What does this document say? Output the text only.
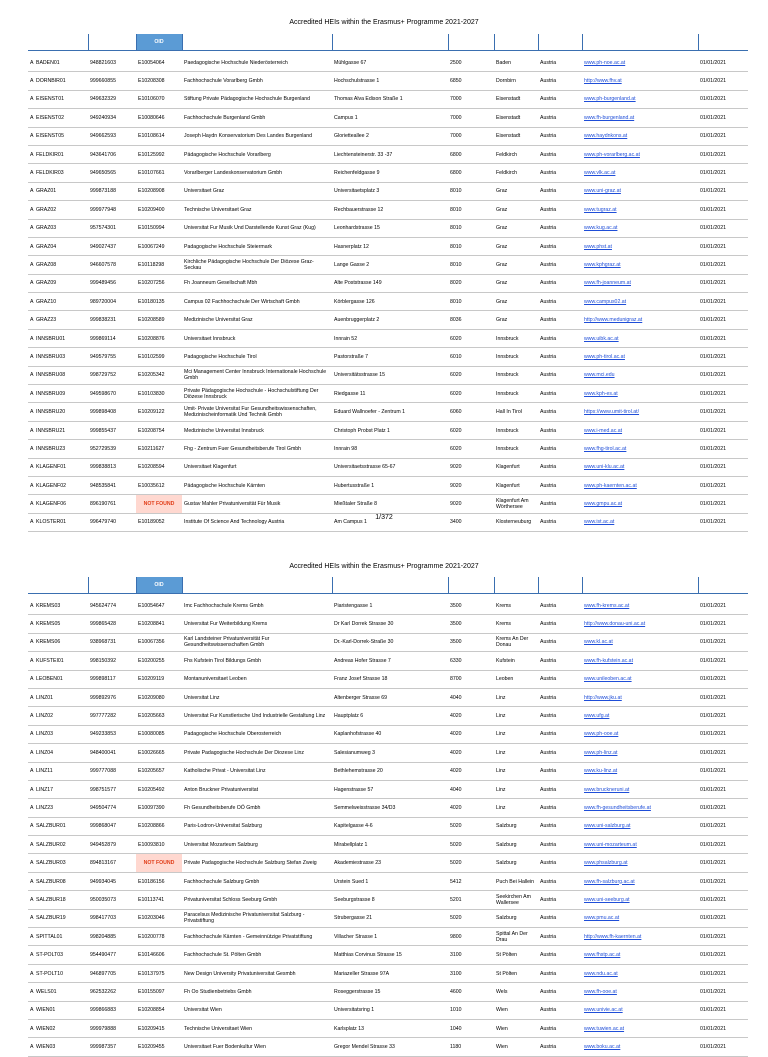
Accredited HEIs within the Erasmus+ Programme 2021-2027
			OID							

A	BADEN01	948821603	E10054064	Paedagogische Hochschule Niederösterreich	Mühlgasse 67	2500	Baden	Austria	www.ph-noe.ac.at	01/01/2021
A	DORNBIR01	999660855	E10208308	Fachhochschule Vorarlberg Gmbh	Hochschulstrasse 1	6850	Dornbirn	Austria	http://www.fhv.at	01/01/2021
A	EISENST01	949632329	E10106070	Stiftung Private Pädagogische Hochschule Burgenland	Thomas Alva Edison Straße 1	7000	Eisenstadt	Austria	www.ph-burgenland.at	01/01/2021
A	EISENST02	949240934	E10080646	Fachhochschule Burgenland Gmbh	Campus 1	7000	Eisenstadt	Austria	www.fh-burgenland.at	01/01/2021
A	EISENST05	949662593	E10108614	Joseph Haydn Konservatorium Des Landes Burgenland	Glorietteallee 2	7000	Eisenstadt	Austria	www.haydnkons.at	01/01/2021
A	FELDKIR01	943641706	E10125992	Pädagogische Hochschule Vorarlberg	Liechtensteinerstr. 33 -37	6800	Feldkirch	Austria	www.ph-vorarlberg.ac.at	01/01/2021
A	FELDKIR03	949650565	E10107661	Vorarlberger Landeskonservatorium Gmbh	Reichenfeldgasse 9	6800	Feldkirch	Austria	www.vlk.ac.at	01/01/2021
A	GRAZ01	999873188	E10208908	Universitaet Graz	Universitaetsplatz 3	8010	Graz	Austria	www.uni-graz.at	01/01/2021
A	GRAZ02	999977948	E10209400	Technische Universitaet Graz	Rechbauerstrasse 12	8010	Graz	Austria	www.tugraz.at	01/01/2021
A	GRAZ03	957574301	E10150994	Universitat Fur Musik Und Darstellende Kunst Graz (Kug)	Leonhardstrasse 15	8010	Graz	Austria	www.kug.ac.at	01/01/2021
A	GRAZ04	949027437	E10067249	Padagogische Hochschule Steiermark	Hasnerplatz 12	8010	Graz	Austria	www.phst.at	01/01/2021
A	GRAZ08	946607578	E10118298	Kirchliche Pädagogische Hochschule Der Diözese Graz-Seckau	Lange Gasse 2	8010	Graz	Austria	www.kphgraz.at	01/01/2021
A	GRAZ09	999489456	E10207256	Fh Joanneum Gesellschaft Mbh	Alte Poststrasse 149	8020	Graz	Austria	www.fh-joanneum.at	01/01/2021
A	GRAZ10	989720004	E10180135	Campus 02 Fachhochschule Der Wirtschaft Gmbh	Körblergasse 126	8010	Graz	Austria	www.campus02.at	01/01/2021
A	GRAZ23	999838231	E10208589	Medizinische Universitat Graz	Auenbruggerplatz 2	8036	Graz	Austria	http://www.medunigraz.at	01/01/2021
A	INNSBRU01	999869114	E10208876	Universitaet Innsbruck	Innrain 52	6020	Innsbruck	Austria	www.uibk.ac.at	01/01/2021
A	INNSBRU03	949579755	E10102599	Padagogische Hochschule Tirol	Pastorstraße 7	6010	Innsbruck	Austria	www.ph-tirol.ac.at	01/01/2021
A	INNSBRU08	998729752	E10205342	Mci Management Center Innsbruck Internationale Hochschule Gmbh	Universitätsstrasse 15	6020	Innsbruck	Austria	www.mci.edu	01/01/2021
A	INNSBRU09	949598670	E10103830	Private Pädagogische Hochschule - Hochschulstiftung Der Diözese Innsbruck	Riedgasse 11	6020	Innsbruck	Austria	www.kph-es.at	01/01/2021
A	INNSBRU20	999898408	E10209122	Umit- Private Universitat Fur Gesundheitswissenschaften, Medizinischeinformatik Und Technik Gmbh	Eduard Wallnoefer - Zentrum 1	6060	Hall In Tirol	Austria	https://www.umit-tirol.at/	01/01/2021
A	INNSBRU21	999855437	E10208754	Medizinische Universitat Innsbruck	Christoph Probst Platz 1	6020	Innsbruck	Austria	www.i-med.ac.at	01/01/2021
A	INNSBRU23	952729539	E10211627	Fhg - Zentrum Fuer Gesundheitsberufe Tirol Gmbh	Innrain 98	6020	Innsbruck	Austria	www.fhg-tirol.ac.at	01/01/2021
A	KLAGENF01	999838813	E10208594	Universitaet Klagenfurt	Universitaetsstrasse 65-67	9020	Klagenfurt	Austria	www.uni-klu.ac.at	01/01/2021
A	KLAGENF02	948535841	E10035612	Pädagogische Hochschule Kärnten	Hubertusstraße 1	9020	Klagenfurt	Austria	www.ph-kaernten.ac.at	01/01/2021
A	KLAGENF06	896190761	NOT FOUND	Gustav Mahler Privatuniversität Für Musik	Mießtaler Straße 8	9020	Klagenfurt Am Wörthersee	Austria	www.gmpu.ac.at	01/01/2021
A	KLOSTER01	996479740	E10189052	Institute Of Science And Technology Austria	Am Campus 1	3400	Klosterneuburg	Austria	www.ist.ac.at	01/01/2021
1/372
Accredited HEIs within the Erasmus+ Programme 2021-2027
			OID							

A	KREMS03	945624774	E10054647	Imc Fachhochschule Krems Gmbh	Piaristengasse 1	3500	Krems	Austria	www.fh-krems.ac.at	01/01/2021
A	KREMS05	999865428	E10208841	Universitat Fur Weiterbildung Krems	Dr Karl Dorrek Strasse 30	3500	Krems	Austria	http://www.donau-uni.ac.at	01/01/2021
A	KREMS06	938968731	E10067356	Karl Landsteiner Privatuniversität Fur Gesundheitswissenschaften Gmbh	Dr.-Karl-Dorrek-Straße 30	3500	Krems An Der Donau	Austria	www.kl.ac.at	01/01/2021
A	KUFSTEI01	998150392	E10200255	Fhs Kufstein Tirol Bildungs Gmbh	Andreas Hofer Strasse 7	6330	Kufstein	Austria	www.fh-kufstein.ac.at	01/01/2021
A	LEOBEN01	999898117	E10209119	Montanuniversitaet Leoben	Franz Josef Strasse 18	8700	Leoben	Austria	www.unileoben.ac.at	01/01/2021
A	LINZ01	999892976	E10209080	Universitat Linz	Altenberger Strasse 69	4040	Linz	Austria	http://www.jku.at	01/01/2021
A	LINZ02	997777282	E10205663	Universitat Fur Kunstlerische Und Industrielle Gestaltung Linz	Hauptplatz 6	4020	Linz	Austria	www.ufg.at	01/01/2021
A	LINZ03	949233853	E10080085	Padagogische Hochschule Oberosterreich	Kaplanhofstrasse 40	4020	Linz	Austria	www.ph-ooe.at	01/01/2021
A	LINZ04	948400041	E10026665	Private Padagogische Hochschule Der Diozese Linz	Salesianumweg 3	4020	Linz	Austria	www.ph-linz.at	01/01/2021
A	LINZ11	999777088	E10205657	Katholische Privat - Universitat Linz	Bethlehemstrasse 20	4020	Linz	Austria	www.ku-linz.at	01/01/2021
A	LINZ17	998751577	E10205492	Anton Bruckner Privatuniversitat	Hagenstrasse 57	4040	Linz	Austria	www.bruckneruni.at	01/01/2021
A	LINZ23	949504774	E10097390	Fh Gesundheitsberufe OÖ Gmbh	Semmelweisstrasse 34/D3	4020	Linz	Austria	www.fh-gesundheitsberufe.at	01/01/2021
A	SALZBUR01	999868047	E10208866	Paris-Lodron-Universitat Salzburg	Kapitelgasse 4-6	5020	Salzburg	Austria	www.uni-salzburg.at	01/01/2021
A	SALZBUR02	949452879	E10093810	Universitat Mozarteum Salzburg	Mirabellplatz 1	5020	Salzburg	Austria	www.uni-mozarteum.at	01/01/2021
A	SALZBUR03	894813167	NOT FOUND	Private Padagogische Hochschule Salzburg Stefan Zweig	Akademiestrasse 23	5020	Salzburg	Austria	www.phsalzburg.at	01/01/2021
A	SALZBUR08	949934045	E10186156	Fachhochschule Salzburg Gmbh	Urstein Sued 1	5412	Puch Bei Hallein	Austria	www.fh-salzburg.ac.at	01/01/2021
A	SALZBUR18	950035073	E10113741	Privatuniversitat Schloss Seeburg Gmbh	Seeburgstrasse 8	5201	Seekirchen Am Wallersee	Austria	www.uni-seeburg.at	01/01/2021
A	SALZBUR19	998417703	E10203046	Paracelsus Medizinische Privatuniversitat Salzburg - Privatstiftung	Strubergasse 21	5020	Salzburg	Austria	www.pmu.ac.at	01/01/2021
A	SPITTAL01	998204885	E10200778	Fachhochschule Kärnten - Gemeinnützige Privatstiftung	Villacher Strasse 1	9800	Spittal An Der Drau	Austria	http://www.fh-kaernten.at	01/01/2021
A	ST-POLT03	954490477	E10146606	Fachhochschule St. Pölten Gmbh	Matthias Corvinus Strasse 15	3100	St Pölten	Austria	www.fhstp.ac.at	01/01/2021
A	ST-POLT10	946897705	E10137975	New Design University Privatuniversitat Gesmbh	Mariazeller Strasse 97A	3100	St Pölten	Austria	www.ndu.ac.at	01/01/2021
A	WELS01	962532262	E10155097	Fh Oo Studienbetriebs Gmbh	Roseggerstrasse 15	4600	Wels	Austria	www.fh-ooe.at	01/01/2021
A	WIEN01	999866883	E10208854	Universitat Wien	Universitatsring 1	1010	Wien	Austria	www.univie.ac.at	01/01/2021
A	WIEN02	999979888	E10209415	Technische Universitaet Wien	Karlsplatz 13	1040	Wien	Austria	www.tuwien.ac.at	01/01/2021
A	WIEN03	999987357	E10209455	Universitaet Fuer Bodenkultur Wien	Gregor Mendel Strasse 33	1180	Wien	Austria	www.boku.ac.at	01/01/2021
